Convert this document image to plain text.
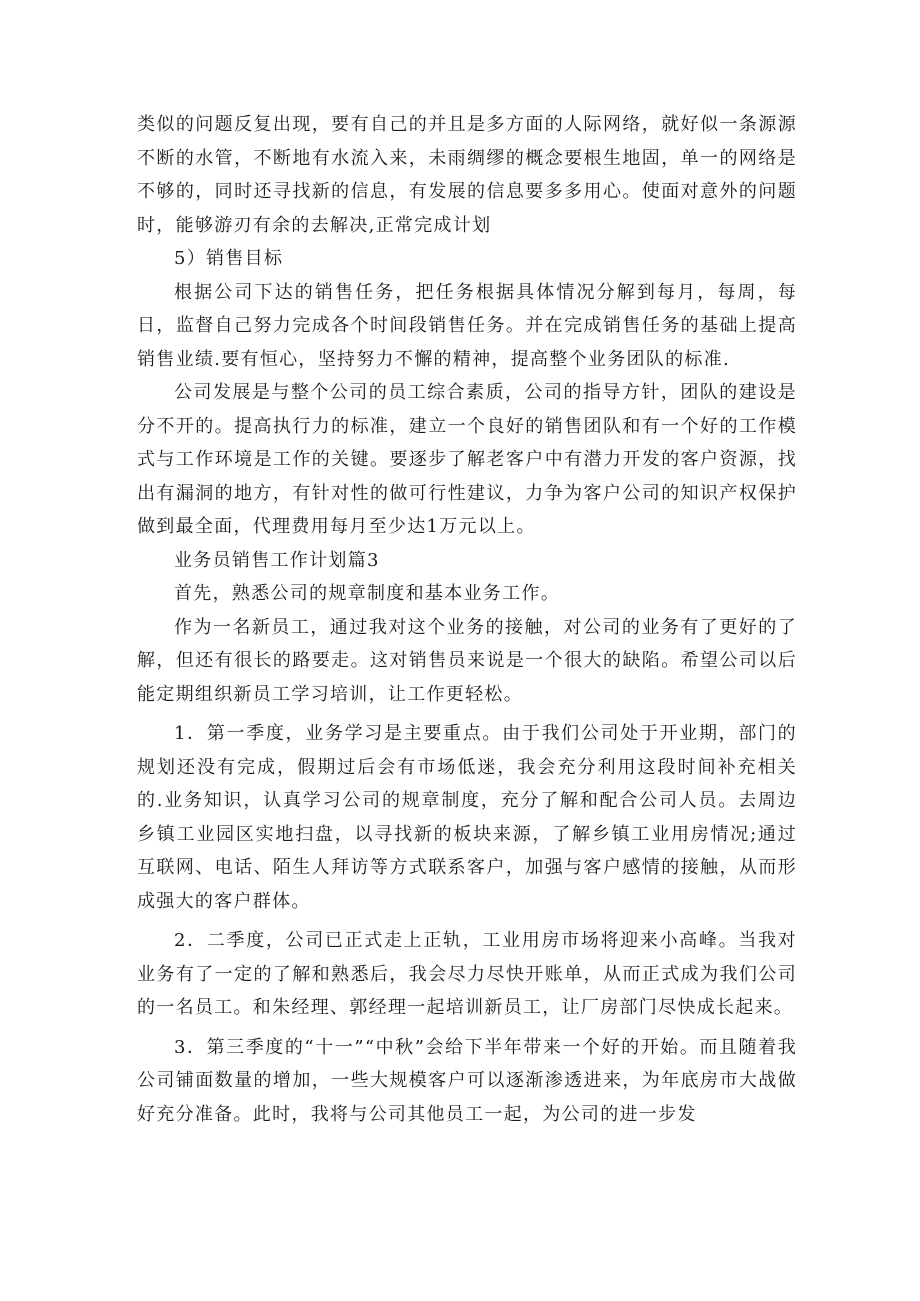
类似的问题反复出现，要有自己的并且是多方面的人际网络，就好似一条源源不断的水管，不断地有水流入来，未雨绸缪的概念要根生地固，单一的网络是不够的，同时还寻找新的信息，有发展的信息要多多用心。使面对意外的问题时，能够游刃有余的去解决,正常完成计划

5）销售目标

根据公司下达的销售任务，把任务根据具体情况分解到每月，每周，每日，监督自己努力完成各个时间段销售任务。并在完成销售任务的基础上提高销售业绩.要有恒心，坚持努力不懈的精神，提高整个业务团队的标准.

公司发展是与整个公司的员工综合素质，公司的指导方针，团队的建设是分不开的。提高执行力的标准，建立一个良好的销售团队和有一个好的工作模式与工作环境是工作的关键。要逐步了解老客户中有潜力开发的客户资源，找出有漏洞的地方，有针对性的做可行性建议，力争为客户公司的知识产权保护做到最全面，代理费用每月至少达1万元以上。

业务员销售工作计划篇3

首先，熟悉公司的规章制度和基本业务工作。

作为一名新员工，通过我对这个业务的接触，对公司的业务有了更好的了解，但还有很长的路要走。这对销售员来说是一个很大的缺陷。希望公司以后能定期组织新员工学习培训，让工作更轻松。

1．第一季度，业务学习是主要重点。由于我们公司处于开业期，部门的规划还没有完成，假期过后会有市场低迷，我会充分利用这段时间补充相关的.业务知识，认真学习公司的规章制度，充分了解和配合公司人员。去周边乡镇工业园区实地扫盘，以寻找新的板块来源，了解乡镇工业用房情况;通过互联网、电话、陌生人拜访等方式联系客户，加强与客户感情的接触，从而形成强大的客户群体。

2．二季度，公司已正式走上正轨，工业用房市场将迎来小高峰。当我对业务有了一定的了解和熟悉后，我会尽力尽快开账单，从而正式成为我们公司的一名员工。和朱经理、郭经理一起培训新员工，让厂房部门尽快成长起来。

3．第三季度的“十一”“中秋”会给下半年带来一个好的开始。而且随着我公司铺面数量的增加，一些大规模客户可以逐渐渗透进来，为年底房市大战做好充分准备。此时，我将与公司其他员工一起，为公司的进一步发
